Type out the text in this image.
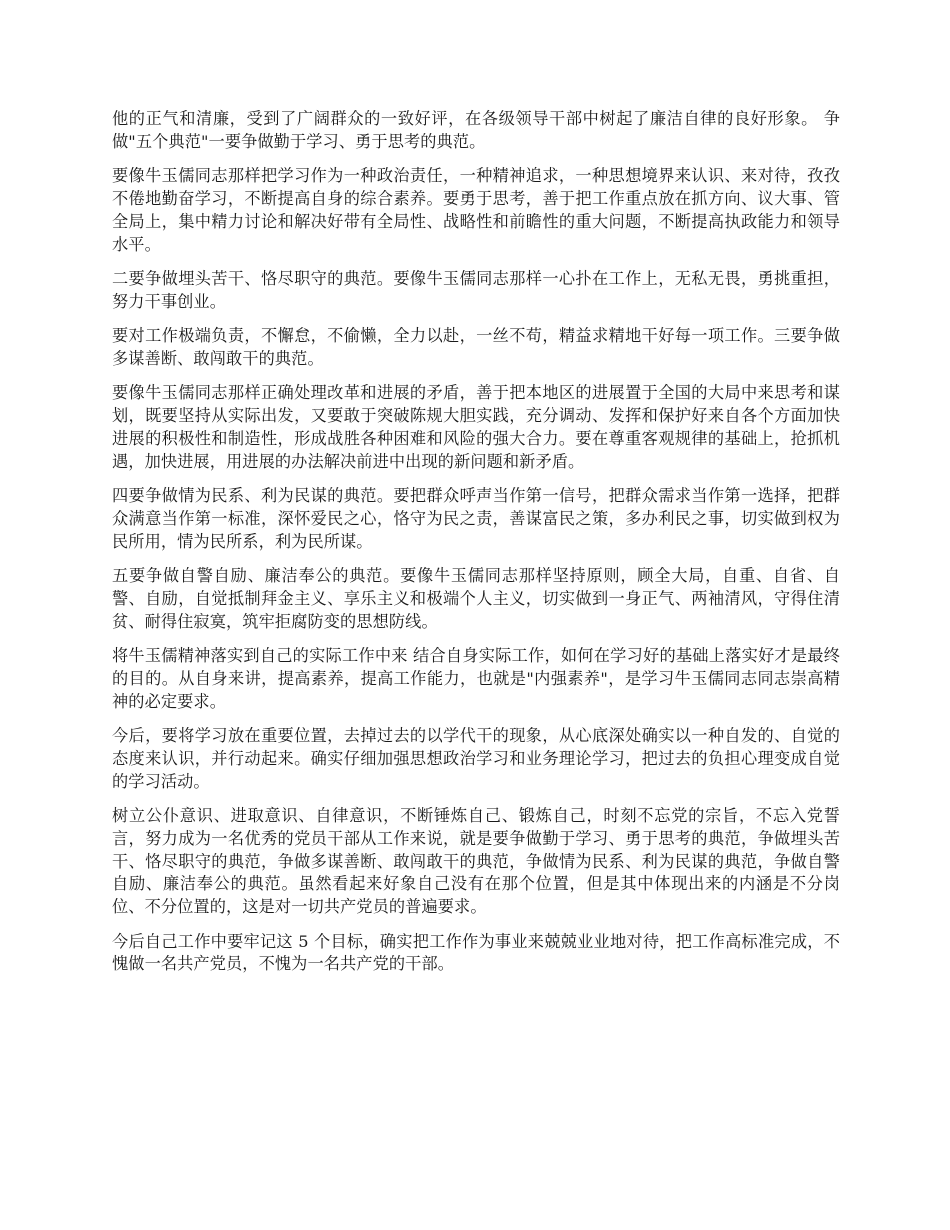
他的正气和清廉，受到了广阔群众的一致好评，在各级领导干部中树起了廉洁自律的良好形象。 争做"五个典范"一要争做勤于学习、勇于思考的典范。

要像牛玉儒同志那样把学习作为一种政治责任，一种精神追求，一种思想境界来认识、来对待，孜孜不倦地勤奋学习，不断提高自身的综合素养。要勇于思考，善于把工作重点放在抓方向、议大事、管全局上，集中精力讨论和解决好带有全局性、战略性和前瞻性的重大问题，不断提高执政能力和领导水平。

二要争做埋头苦干、恪尽职守的典范。要像牛玉儒同志那样一心扑在工作上，无私无畏，勇挑重担，努力干事创业。

要对工作极端负责，不懈怠，不偷懒，全力以赴，一丝不苟，精益求精地干好每一项工作。三要争做多谋善断、敢闯敢干的典范。

要像牛玉儒同志那样正确处理改革和进展的矛盾，善于把本地区的进展置于全国的大局中来思考和谋划，既要坚持从实际出发，又要敢于突破陈规大胆实践，充分调动、发挥和保护好来自各个方面加快进展的积极性和制造性，形成战胜各种困难和风险的强大合力。要在尊重客观规律的基础上，抢抓机遇，加快进展，用进展的办法解决前进中出现的新问题和新矛盾。

四要争做情为民系、利为民谋的典范。要把群众呼声当作第一信号，把群众需求当作第一选择，把群众满意当作第一标准，深怀爱民之心，恪守为民之责，善谋富民之策，多办利民之事，切实做到权为民所用，情为民所系，利为民所谋。

五要争做自警自励、廉洁奉公的典范。要像牛玉儒同志那样坚持原则，顾全大局，自重、自省、自警、自励，自觉抵制拜金主义、享乐主义和极端个人主义，切实做到一身正气、两袖清风，守得住清贫、耐得住寂寞，筑牢拒腐防变的思想防线。

将牛玉儒精神落实到自己的实际工作中来 结合自身实际工作，如何在学习好的基础上落实好才是最终的目的。从自身来讲，提高素养，提高工作能力，也就是"内强素养"，是学习牛玉儒同志同志崇高精神的必定要求。

今后，要将学习放在重要位置，去掉过去的以学代干的现象，从心底深处确实以一种自发的、自觉的态度来认识，并行动起来。确实仔细加强思想政治学习和业务理论学习，把过去的负担心理变成自觉的学习活动。

树立公仆意识、进取意识、自律意识，不断锤炼自己、锻炼自己，时刻不忘党的宗旨，不忘入党誓言，努力成为一名优秀的党员干部从工作来说，就是要争做勤于学习、勇于思考的典范，争做埋头苦干、恪尽职守的典范，争做多谋善断、敢闯敢干的典范，争做情为民系、利为民谋的典范，争做自警自励、廉洁奉公的典范。虽然看起来好象自己没有在那个位置，但是其中体现出来的内涵是不分岗位、不分位置的，这是对一切共产党员的普遍要求。

今后自己工作中要牢记这 5 个目标，确实把工作作为事业来兢兢业业地对待，把工作高标准完成，不愧做一名共产党员，不愧为一名共产党的干部。
